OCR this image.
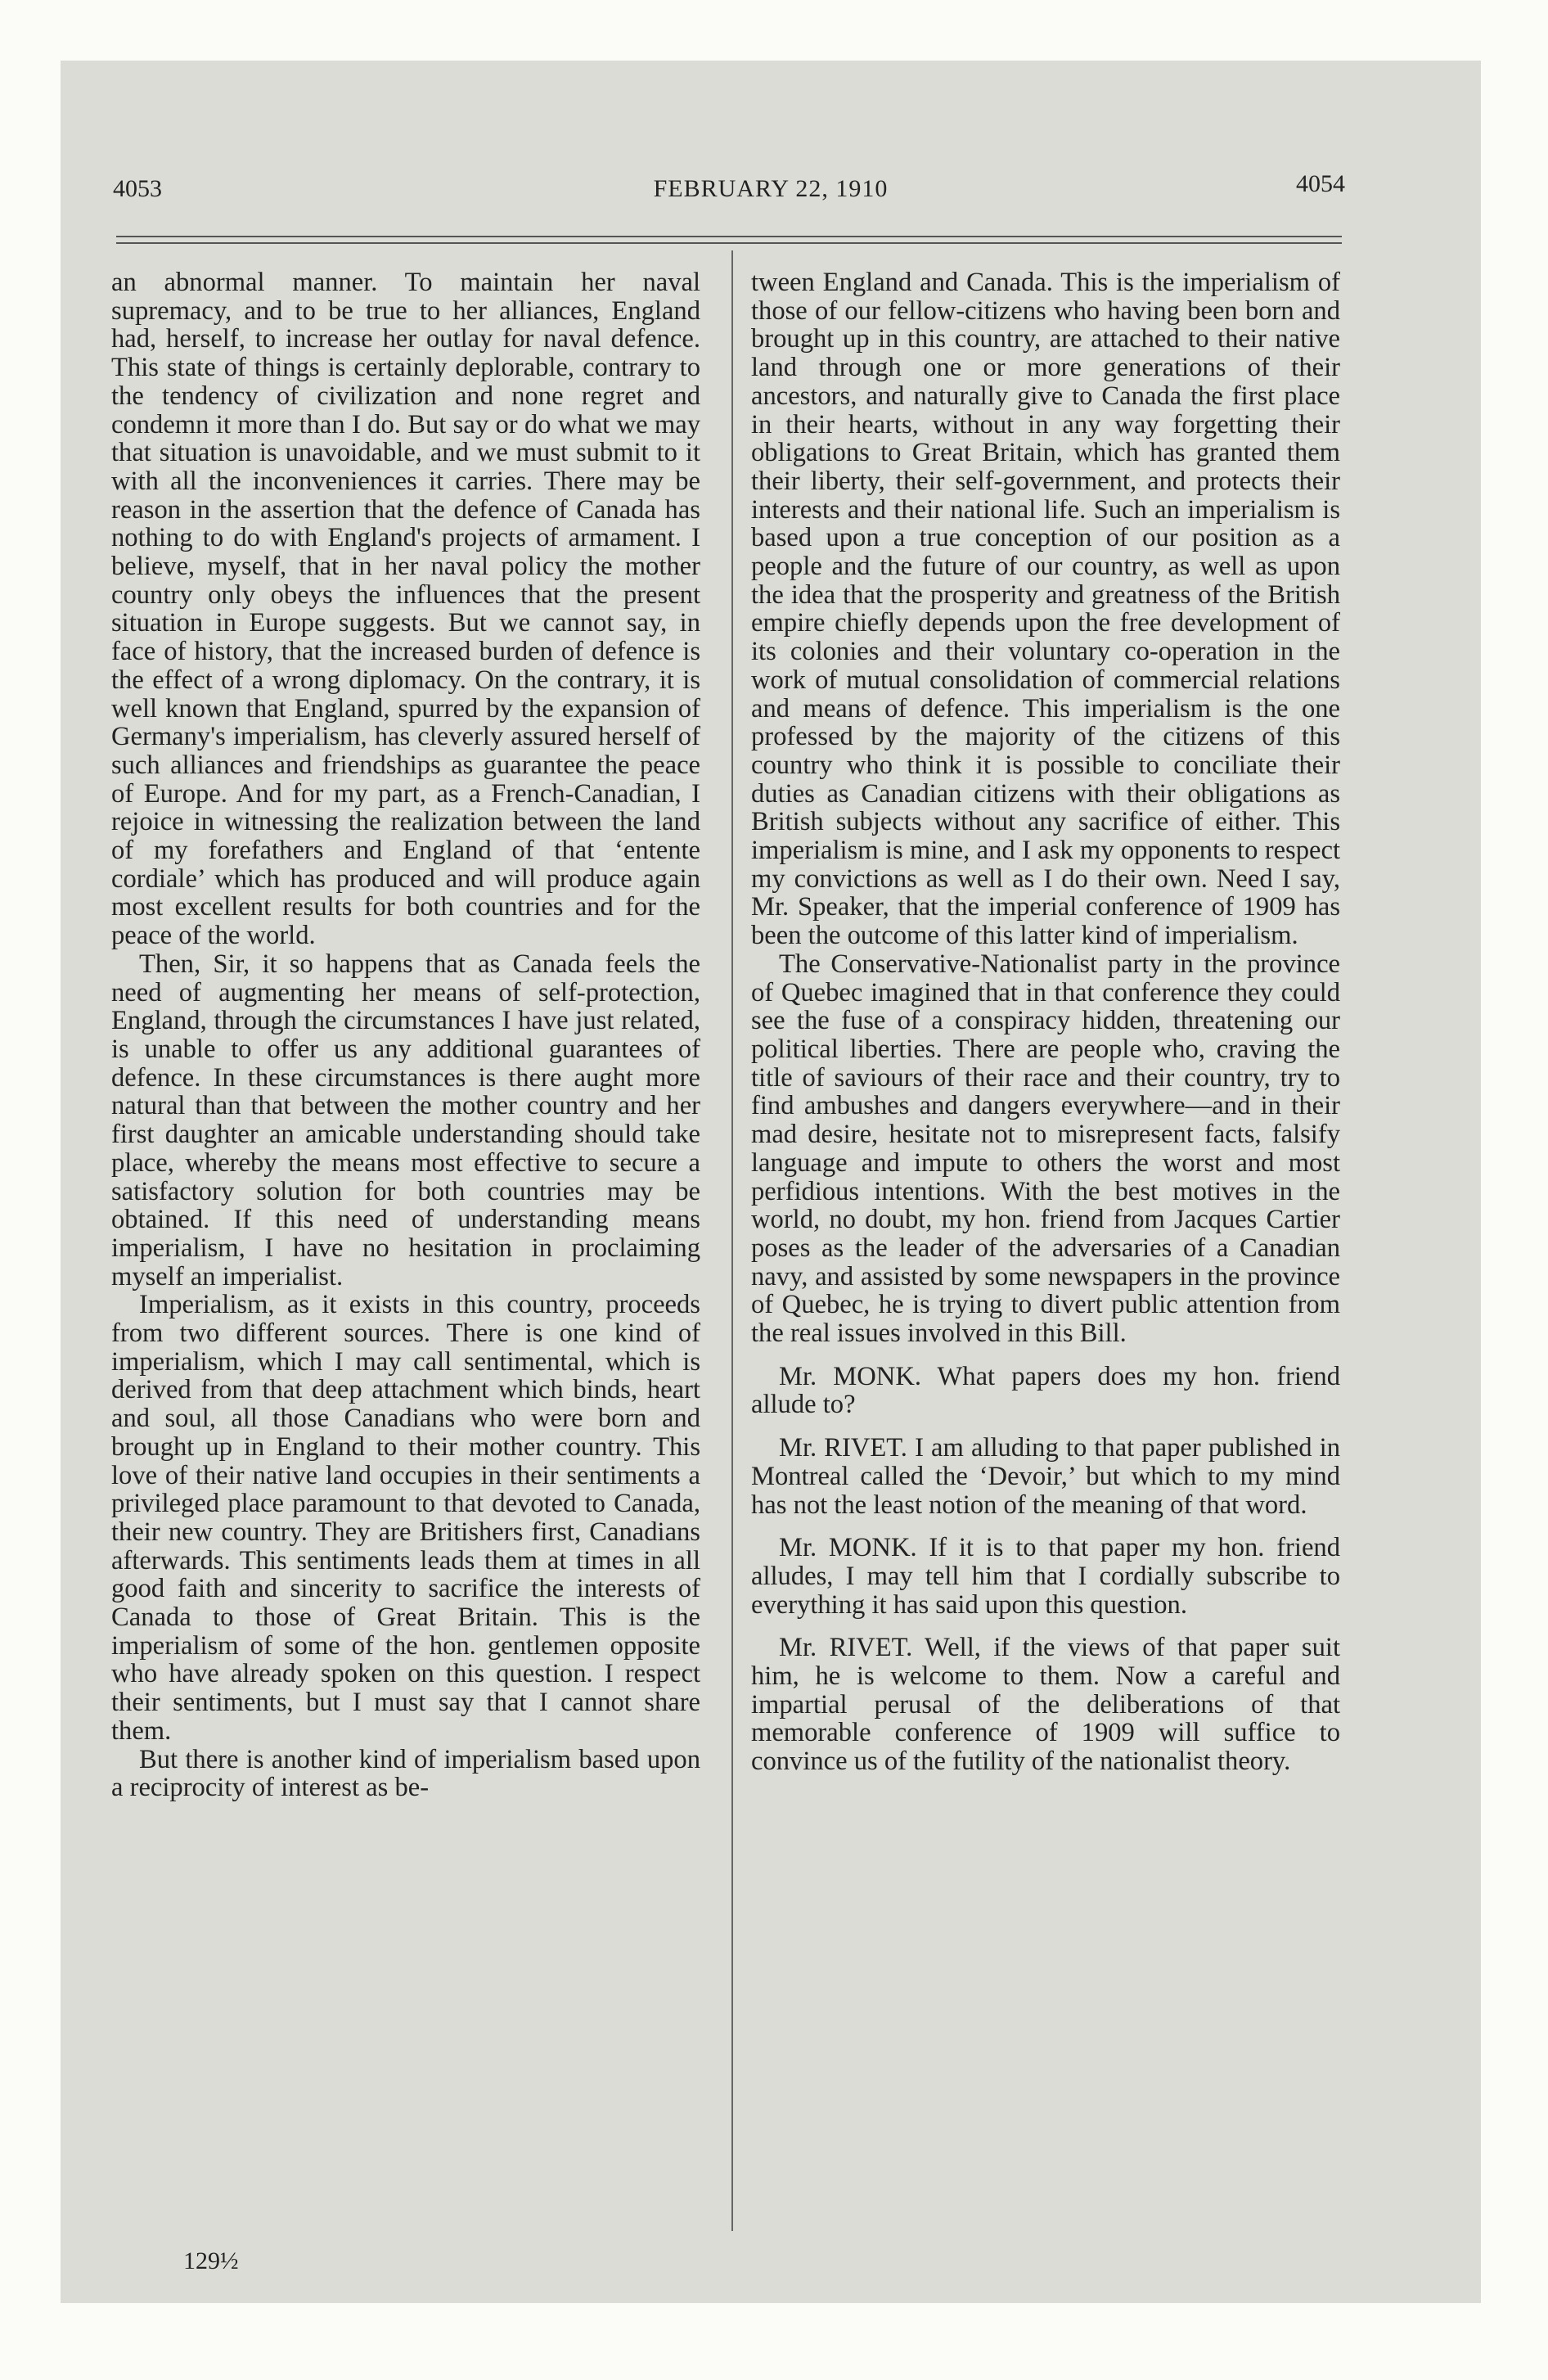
4053	FEBRUARY 22, 1910	4054

an abnormal manner. To maintain her naval supremacy, and to be true to her alliances, England had, herself, to increase her outlay for naval defence. This state of things is certainly deplorable, contrary to the tendency of civilization and none regret and condemn it more than I do. But say or do what we may that situation is unavoidable, and we must submit to it with all the inconveniences it carries. There may be reason in the assertion that the defence of Canada has nothing to do with England's projects of armament. I believe, myself, that in her naval policy the mother country only obeys the influences that the present situation in Europe suggests. But we cannot say, in face of history, that the increased burden of defence is the effect of a wrong diplomacy. On the contrary, it is well known that England, spurred by the expansion of Germany's imperialism, has cleverly assured herself of such alliances and friendships as guarantee the peace of Europe. And for my part, as a French-Canadian, I rejoice in witnessing the realization between the land of my forefathers and England of that ‘entente cordiale’ which has produced and will produce again most excellent results for both countries and for the peace of the world.

Then, Sir, it so happens that as Canada feels the need of augmenting her means of self-protection, England, through the circumstances I have just related, is unable to offer us any additional guarantees of defence. In these circumstances is there aught more natural than that between the mother country and her first daughter an amicable understanding should take place, whereby the means most effective to secure a satisfactory solution for both countries may be obtained. If this need of understanding means imperialism, I have no hesitation in proclaiming myself an imperialist.

Imperialism, as it exists in this country, proceeds from two different sources. There is one kind of imperialism, which I may call sentimental, which is derived from that deep attachment which binds, heart and soul, all those Canadians who were born and brought up in England to their mother country. This love of their native land occupies in their sentiments a privileged place paramount to that devoted to Canada, their new country. They are Britishers first, Canadians afterwards. This sentiments leads them at times in all good faith and sincerity to sacrifice the interests of Canada to those of Great Britain. This is the imperialism of some of the hon. gentlemen opposite who have already spoken on this question. I respect their sentiments, but I must say that I cannot share them.

But there is another kind of imperialism based upon a reciprocity of interest as be-

tween England and Canada. This is the imperialism of those of our fellow-citizens who having been born and brought up in this country, are attached to their native land through one or more generations of their ancestors, and naturally give to Canada the first place in their hearts, without in any way forgetting their obligations to Great Britain, which has granted them their liberty, their self-government, and protects their interests and their national life. Such an imperialism is based upon a true conception of our position as a people and the future of our country, as well as upon the idea that the prosperity and greatness of the British empire chiefly depends upon the free development of its colonies and their voluntary co-operation in the work of mutual consolidation of commercial relations and means of defence. This imperialism is the one professed by the majority of the citizens of this country who think it is possible to conciliate their duties as Canadian citizens with their obligations as British subjects without any sacrifice of either. This imperialism is mine, and I ask my opponents to respect my convictions as well as I do their own. Need I say, Mr. Speaker, that the imperial conference of 1909 has been the outcome of this latter kind of imperialism.

The Conservative-Nationalist party in the province of Quebec imagined that in that conference they could see the fuse of a conspiracy hidden, threatening our political liberties. There are people who, craving the title of saviours of their race and their country, try to find ambushes and dangers everywhere—and in their mad desire, hesitate not to misrepresent facts, falsify language and impute to others the worst and most perfidious intentions. With the best motives in the world, no doubt, my hon. friend from Jacques Cartier poses as the leader of the adversaries of a Canadian navy, and assisted by some newspapers in the province of Quebec, he is trying to divert public attention from the real issues involved in this Bill.

Mr. MONK. What papers does my hon. friend allude to?

Mr. RIVET. I am alluding to that paper published in Montreal called the ‘Devoir,’ but which to my mind has not the least notion of the meaning of that word.

Mr. MONK. If it is to that paper my hon. friend alludes, I may tell him that I cordially subscribe to everything it has said upon this question.

Mr. RIVET. Well, if the views of that paper suit him, he is welcome to them. Now a careful and impartial perusal of the deliberations of that memorable conference of 1909 will suffice to convince us of the futility of the nationalist theory.

129½
